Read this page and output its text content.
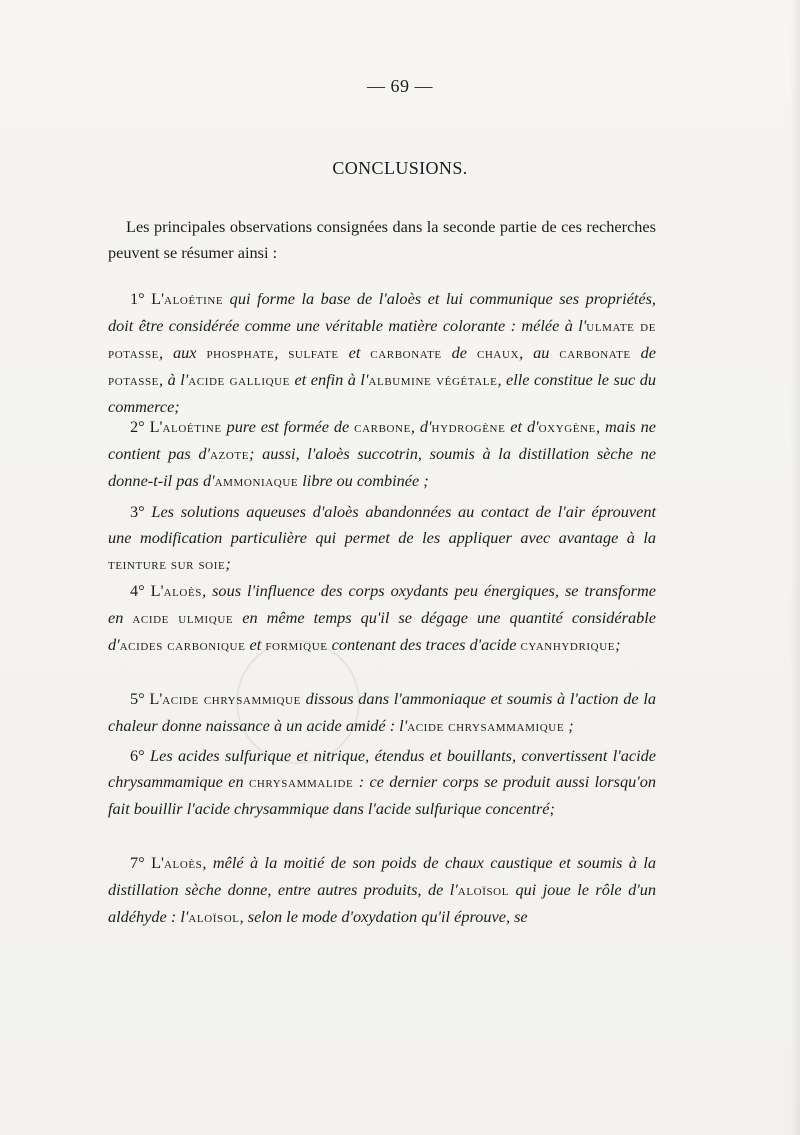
— 69 —
CONCLUSIONS.

Les principales observations consignées dans la seconde partie de ces recherches peuvent se résumer ainsi :

1° L'aloétine qui forme la base de l'aloès et lui communique ses propriétés, doit être considérée comme une véritable matière colorante : mélée à l'ulmate de potasse, aux phosphate, sulfate et carbonate de chaux, au carbonate de potasse, à l'acide gallique et enfin à l'albumine végétale, elle constitue le suc du commerce;

2° L'aloétine pure est formée de carbone, d'hydrogène et d'oxygène, mais ne contient pas d'azote; aussi, l'aloès succotrin, soumis à la distillation sèche ne donne-t-il pas d'ammoniaque libre ou combinée ;

3° Les solutions aqueuses d'aloès abandonnées au contact de l'air éprouvent une modification particulière qui permet de les appliquer avec avantage à la teinture sur soie;

4° L'aloès, sous l'influence des corps oxydants peu énergiques, se transforme en acide ulmique en même temps qu'il se dégage une quantité considérable d'acides carbonique et formique contenant des traces d'acide cyanhydrique;

5° L'acide chrysammique dissous dans l'ammoniaque et soumis à l'action de la chaleur donne naissance à un acide amidé : l'acide chrysammamique ;

6° Les acides sulfurique et nitrique, étendus et bouillants, convertissent l'acide chrysammamique en chrysammalide : ce dernier corps se produit aussi lorsqu'on fait bouillir l'acide chrysammique dans l'acide sulfurique concentré;

7° L'aloès, mêlé à la moitié de son poids de chaux caustique et soumis à la distillation sèche donne, entre autres produits, de l'aloïsol qui joue le rôle d'un aldéhyde : l'aloïsol, selon le mode d'oxydation qu'il éprouve, se
